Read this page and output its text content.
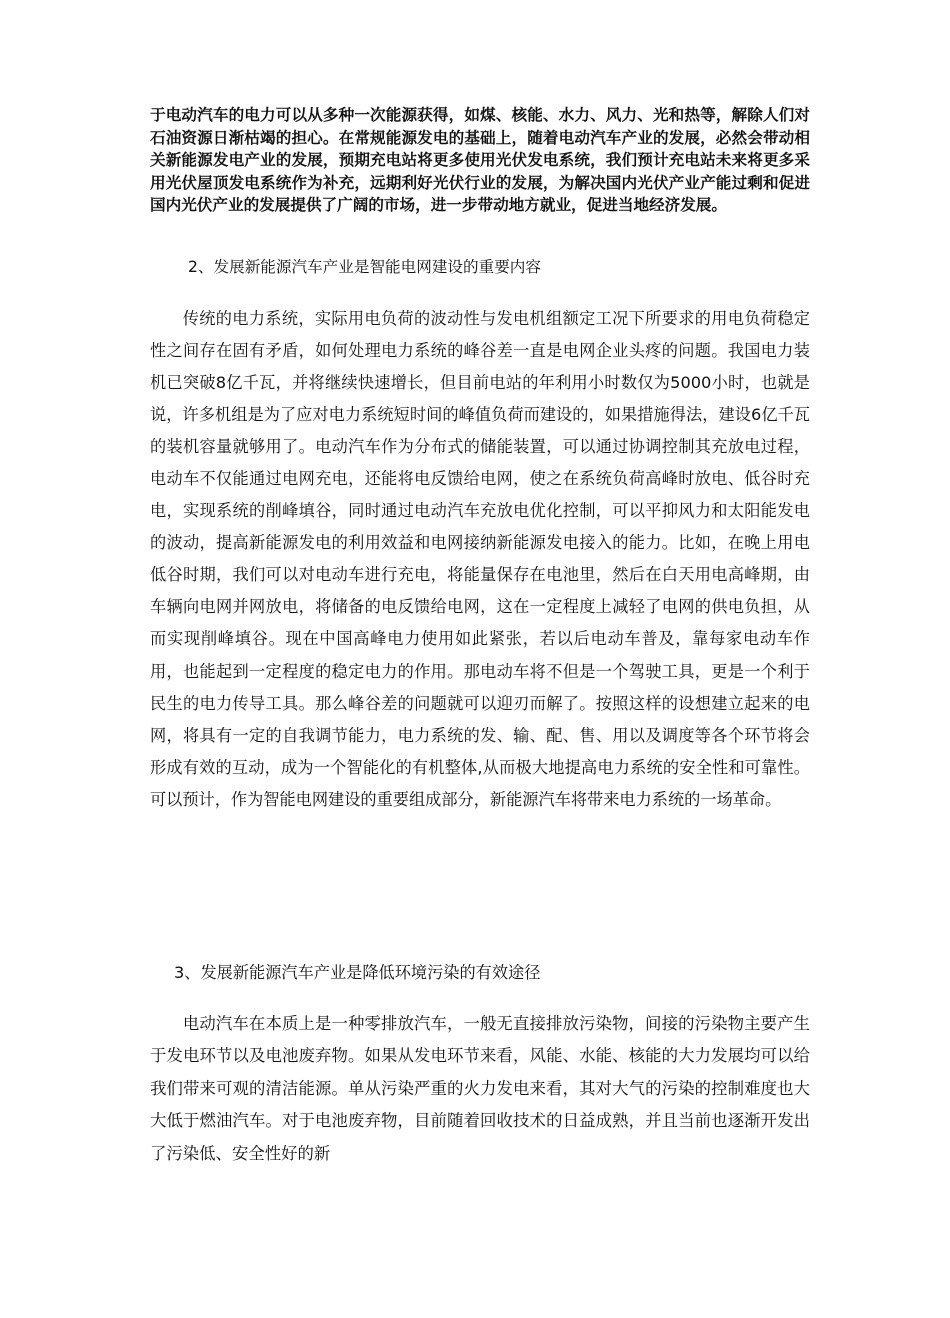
于电动汽车的电力可以从多种一次能源获得，如煤、核能、水力、风力、光和热等，解除人们对石油资源日渐枯竭的担心。在常规能源发电的基础上，随着电动汽车产业的发展，必然会带动相关新能源发电产业的发展，预期充电站将更多使用光伏发电系统，我们预计充电站未来将更多采用光伏屋顶发电系统作为补充，远期利好光伏行业的发展，为解决国内光伏产业产能过剩和促进国内光伏产业的发展提供了广阔的市场，进一步带动地方就业，促进当地经济发展。

2、发展新能源汽车产业是智能电网建设的重要内容

传统的电力系统，实际用电负荷的波动性与发电机组额定工况下所要求的用电负荷稳定性之间存在固有矛盾，如何处理电力系统的峰谷差一直是电网企业头疼的问题。我国电力装机已突破8亿千瓦，并将继续快速增长，但目前电站的年利用小时数仅为5000小时，也就是说，许多机组是为了应对电力系统短时间的峰值负荷而建设的，如果措施得法，建设6亿千瓦的装机容量就够用了。电动汽车作为分布式的储能装置，可以通过协调控制其充放电过程，电动车不仅能通过电网充电，还能将电反馈给电网，使之在系统负荷高峰时放电、低谷时充电，实现系统的削峰填谷，同时通过电动汽车充放电优化控制，可以平抑风力和太阳能发电的波动，提高新能源发电的利用效益和电网接纳新能源发电接入的能力。比如，在晚上用电低谷时期，我们可以对电动车进行充电，将能量保存在电池里，然后在白天用电高峰期，由车辆向电网并网放电，将储备的电反馈给电网，这在一定程度上减轻了电网的供电负担，从而实现削峰填谷。现在中国高峰电力使用如此紧张，若以后电动车普及，靠每家电动车作用，也能起到一定程度的稳定电力的作用。那电动车将不但是一个驾驶工具，更是一个利于民生的电力传导工具。那么峰谷差的问题就可以迎刃而解了。按照这样的设想建立起来的电网，将具有一定的自我调节能力，电力系统的发、输、配、售、用以及调度等各个环节将会形成有效的互动，成为一个智能化的有机整体,从而极大地提高电力系统的安全性和可靠性。可以预计，作为智能电网建设的重要组成部分，新能源汽车将带来电力系统的一场革命。

3、发展新能源汽车产业是降低环境污染的有效途径

电动汽车在本质上是一种零排放汽车，一般无直接排放污染物，间接的污染物主要产生于发电环节以及电池废弃物。如果从发电环节来看，风能、水能、核能的大力发展均可以给我们带来可观的清洁能源。单从污染严重的火力发电来看，其对大气的污染的控制难度也大大低于燃油汽车。对于电池废弃物，目前随着回收技术的日益成熟，并且当前也逐渐开发出了污染低、安全性好的新
